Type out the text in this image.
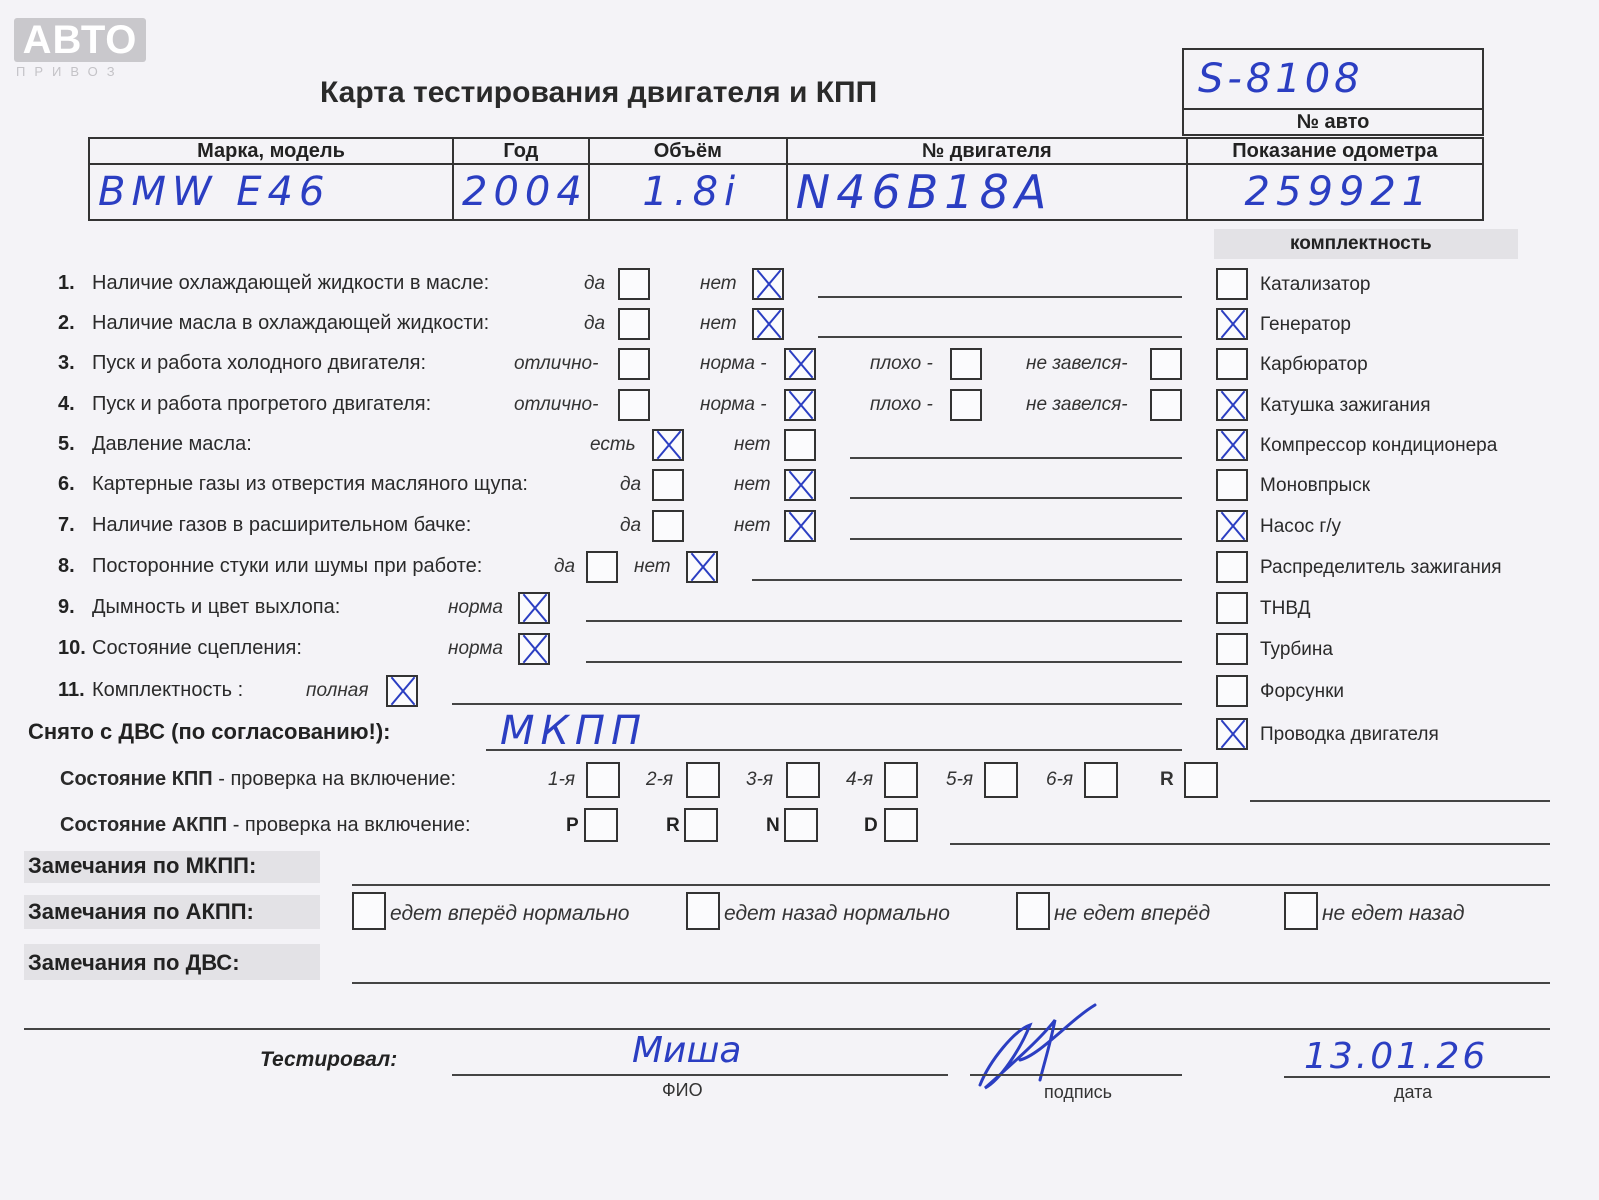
АВТО
ПРИВОЗ
Карта тестирования двигателя и КПП	S-8108
№ авто
Марка, модель	Год	Объём	№ двигателя	Показание одометра
BMW E46	2004	1.8i	N46B18A	259921
1. Наличие охлаждающей жидкости в масле:	да	нет
2. Наличие масла в охлаждающей жидкости:	да	нет
3. Пуск и работа холодного двигателя:	отлично-	норма -	плохо -	не завелся-
4. Пуск и работа прогретого двигателя:	отлично-	норма -	плохо -	не завелся-
5. Давление масла:	есть	нет
6. Картерные газы из отверстия масляного щупа:	да	нет
7. Наличие газов в расширительном бачке:	да	нет
8. Посторонние стуки или шумы при работе:	да	нет
9. Дымность и цвет выхлопа:	норма
10. Состояние сцепления:	норма
11. Комплектность :	полная
комплектность
Катализатор
Генератор
Карбюратор
Катушка зажигания
Компрессор кондиционера
Моновпрыск
Насос г/у
Распределитель зажигания
ТНВД
Турбина
Форсунки
Проводка двигателя
Снято с ДВС (по согласованию!):	МКПП
Состояние КПП - проверка на включение:	1-я	2-я	3-я	4-я	5-я	6-я	R
Состояние АКПП - проверка на включение:	P	R	N	D
Замечания по МКПП:
Замечания по АКПП:	едет вперёд нормально	едет назад нормально	не едет вперёд	не едет назад
Замечания по ДВС:
Тестировал:	Миша
ФИО	подпись
13.01.26
дата
